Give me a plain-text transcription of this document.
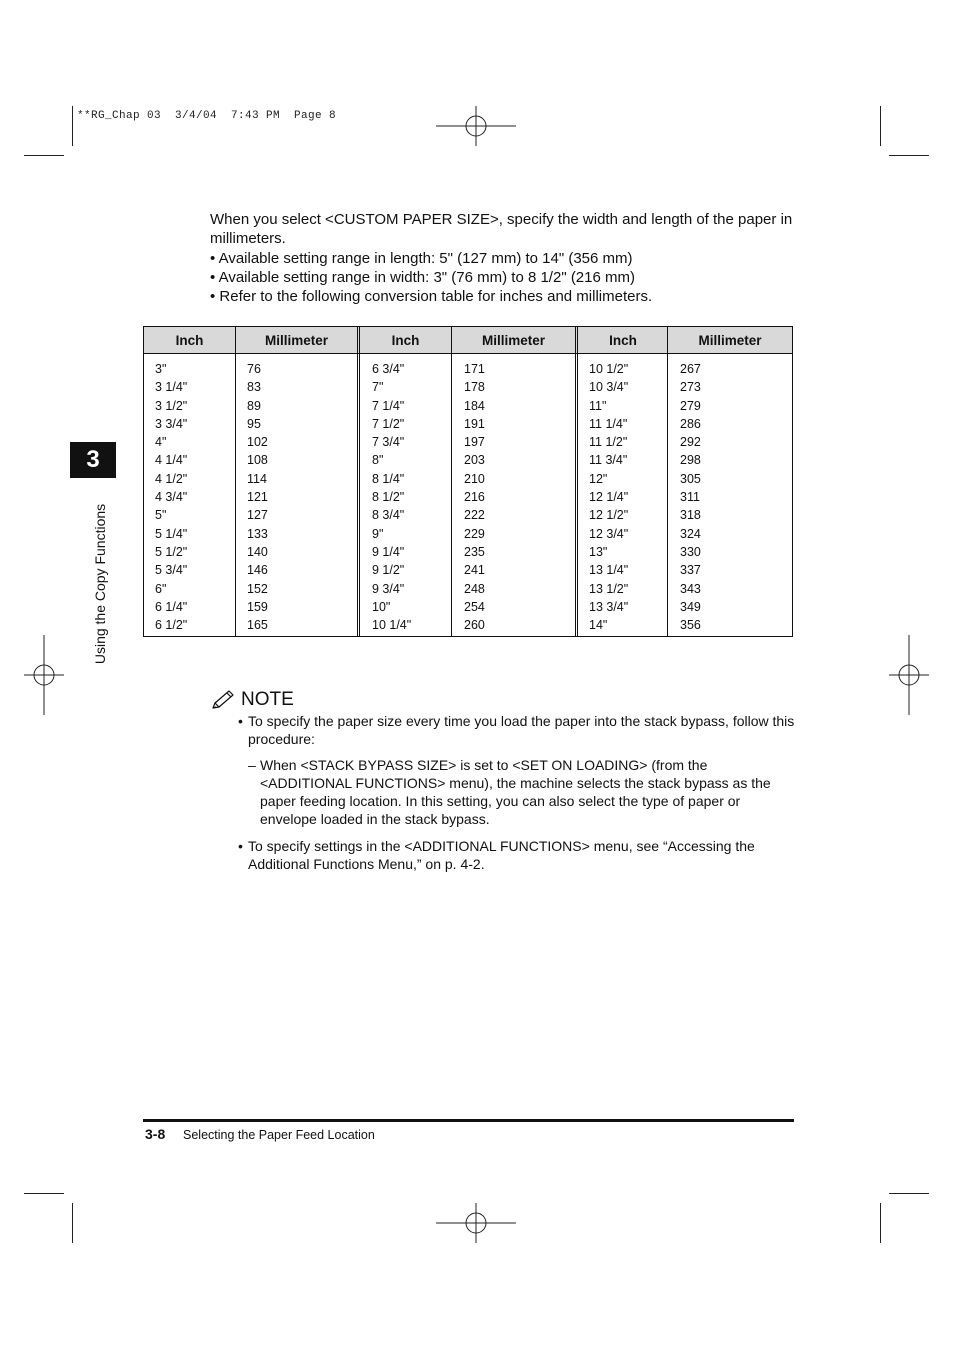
**RG_Chap 03  3/4/04  7:43 PM  Page 8
3
Using the Copy Functions

When you select <CUSTOM PAPER SIZE>, specify the width and length of the paper in millimeters.

• Available setting range in length: 5" (127 mm) to 14" (356 mm)

• Available setting range in width: 3" (76 mm) to 8 1/2" (216 mm)

• Refer to the following conversion table for inches and millimeters.

Inch
3"
3 1/4"
3 1/2"
3 3/4"
4"
4 1/4"
4 1/2"
4 3/4"
5"
5 1/4"
5 1/2"
5 3/4"
6"
6 1/4"
6 1/2"
Millimeter
76
83
89
95
102
108
114
121
127
133
140
146
152
159
165
Inch
6 3/4"
7"
7 1/4"
7 1/2"
7 3/4"
8"
8 1/4"
8 1/2"
8 3/4"
9"
9 1/4"
9 1/2"
9 3/4"
10"
10 1/4"
Millimeter
171
178
184
191
197
203
210
216
222
229
235
241
248
254
260
Inch
10 1/2"
10 3/4"
11"
11 1/4"
11 1/2"
11 3/4"
12"
12 1/4"
12 1/2"
12 3/4"
13"
13 1/4"
13 1/2"
13 3/4"
14"
Millimeter
267
273
279
286
292
298
305
311
318
324
330
337
343
349
356
NOTE
• To specify the paper size every time you load the paper into the stack bypass, follow this procedure:
– When <STACK BYPASS SIZE> is set to <SET ON LOADING> (from the <ADDITIONAL FUNCTIONS> menu), the machine selects the stack bypass as the paper feeding location. In this setting, you can also select the type of paper or envelope loaded in the stack bypass.
• To specify settings in the <ADDITIONAL FUNCTIONS> menu, see “Accessing the Additional Functions Menu,” on p. 4-2.
3-8 Selecting the Paper Feed Location
